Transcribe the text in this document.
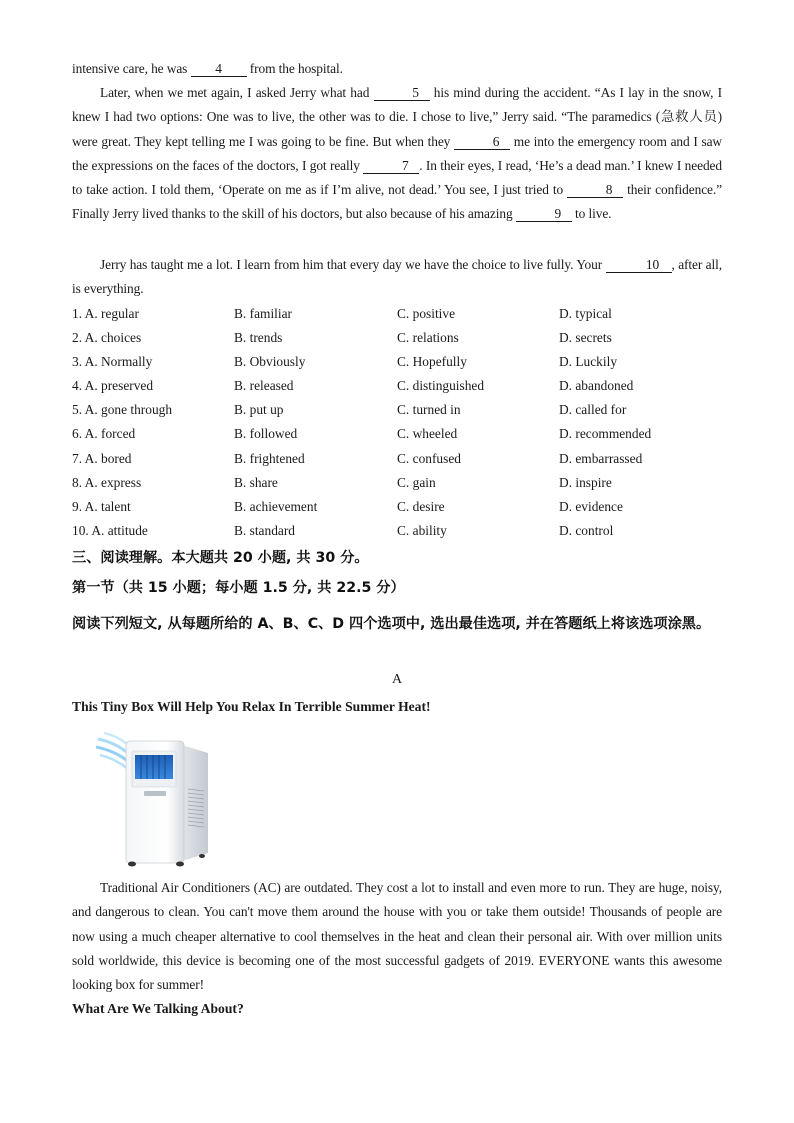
intensive care, he was 4 from the hospital.
Later, when we met again, I asked Jerry what had	5 his mind during the accident. “As I lay in the snow, I knew I had two options: One was to live, the other was to die. I chose to live,” Jerry said. “The paramedics (急救人员) were great. They kept telling me I was going to be fine. But when they	6 me into the emergency room and I saw the expressions on the faces of the doctors, I got really	7 . In their eyes, I read, ‘He’s a dead man.’ I knew I needed to take action. I told them, ‘Operate on me as if I’m alive, not dead.’ You see, I just tried to	8 their confidence.” Finally Jerry lived thanks to the skill of his doctors, but also because of his amazing	9 to live.
Jerry has taught me a lot. I learn from him that every day we have the choice to live fully. Your	10 , after all, is everything.
1. A. regular	B. familiar	C. positive	D. typical
2. A. choices	B. trends	C. relations	D. secrets
3. A. Normally	B. Obviously	C. Hopefully	D. Luckily
4. A. preserved	B. released	C. distinguished	D. abandoned
5. A. gone through	B. put up	C. turned in	D. called for
6. A. forced	B. followed	C. wheeled	D. recommended
7. A. bored	B. frightened	C. confused	D. embarrassed
8. A. express	B. share	C. gain	D. inspire
9. A. talent	B. achievement	C. desire	D. evidence
10. A. attitude	B. standard	C. ability	D. control
三、阅读理解。本大题共 20 小题, 共 30 分。
第一节（共 15 小题；每小题 1.5 分, 共 22.5 分）
阅读下列短文, 从每题所给的 A、B、C、D 四个选项中, 选出最佳选项, 并在答题纸上将该选项涂黑。
A
This Tiny Box Will Help You Relax In Terrible Summer Heat!
Traditional Air Conditioners (AC) are outdated. They cost a lot to install and even more to run. They are huge, noisy, and dangerous to clean. You can't move them around the house with you or take them outside! Thousands of people are now using a much cheaper alternative to cool themselves in the heat and clean their personal air. With over million units sold worldwide, this device is becoming one of the most successful gadgets of 2019. EVERYONE wants this awesome looking box for summer!
What Are We Talking About?
